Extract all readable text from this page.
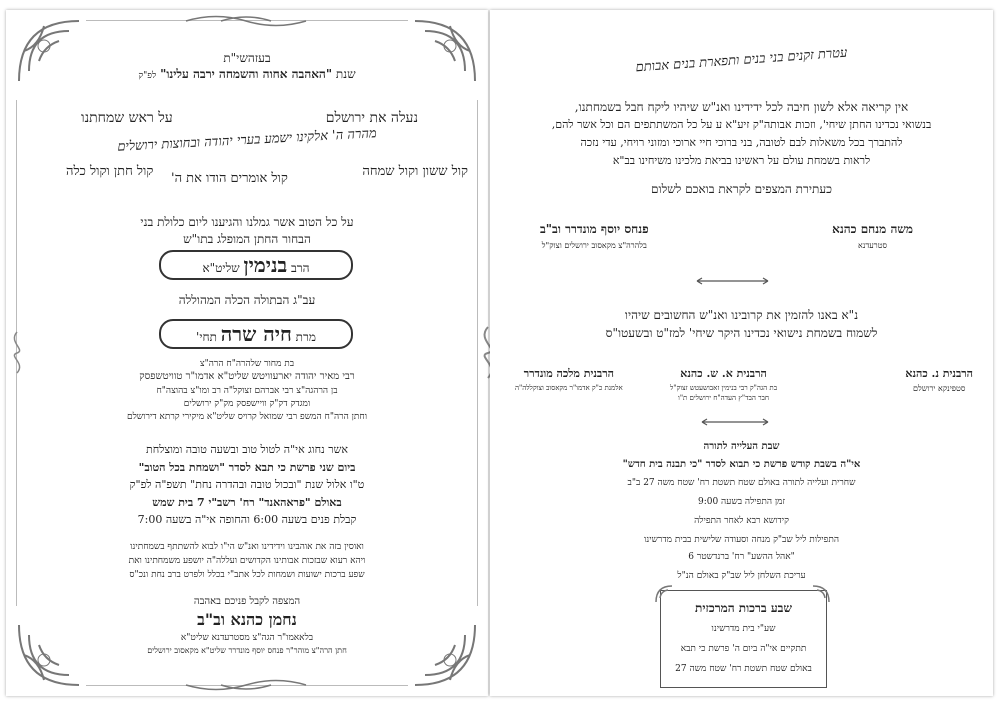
בעזהשי"ת
שנת "האהבה אחוה והשמחה ירבה עלינו" לפ"ק
נעלה את ירושלם
על ראש שמחתנו
מהרה ה' אלקינו ישמע בערי יהודה ובחוצות ירושלים
קול ששון וקול שמחה
קול אומרים הודו את ה'
קול חתן וקול כלה
על כל הטוב אשר גמלנו והגיענו ליום כלולת בני
הבחור החתן המופלג בתו"ש
הרב בנימין שליט"א
עב"ג הבתולה הכלה המהוללה
מרת חיה שרה תחי'
בת מחור שלהרה"ח הרה"צ
רבי מאיר יהודה יארעוויטש שליט"א אדמו"ר טוויטשפסק
בן הרהגה"צ רבי אברהם זצוקל"ה רב ומו"צ בהוצה"ח
ומגדק דק"ק וויישפסק מק"ק ירושלים
וחתן הרה"ח המשפ רבי שמואל קרויס שליט"א מיקירי קרתא דירושלם
אשר נחוג אי"ה לטול טוב ובשעה טובה ומוצלחת
ביום שני פרשת כי תבא לסדר "ושמחת בכל הטוב"
ט"ו אלול שנת "ובכול טובה ובהדרה נחת" תשפ"ה לפ"ק
באולם "פראהאנד" רח' רשב"י 7 בית שמש
קבלת פנים בשעה 6:00 והחופה אי"ה בשעה 7:00
ואוסין בזה את אוהבינו וידידינו ואנ"ש הי"ו לבוא להשתתף בשמחתינו
ויהא רעוא שבזכות אבותינו הקדושים ועללה"ה יושפע משמחתינו ואת
שפע ברכות ישועות ושמחות לכל אתב"י בכלל ולפרט ברב נחת ונכ"ס
המצפה לקבל פניכם באהבה
נחמן כהנא וב"ב
בלאאמו"ר הגה"צ מסטרעדנא שליט"א
חתן הרה"צ מוהר"ר פנחס יוסף מונדרר שליט"א מקאסוב ירושלים
עטרת זקנים בני בנים ותפארת בנים אבותם
אין קריאה אלא לשון חיבה לכל ידידינו ואנ"ש שיהיו ליקח חבל בשמחתנו,
בנשואי נכדינו החתן שיחי', וזכות אבותה"ק זיע"א ע על כל המשתתפים הם וכל אשר להם,
להתברך בכל משאלות לבם לטובה, בני ברוכי חיי ארוכי ומזוני רויחי, עדי נזכה
לראות בשמחת עולם על ראשינו בביאת מלכינו משיחינו בב"א
כעתירת המצפים לקראת בואכם לשלום
משה מנחם כהנא
סטרעדנא
פנחס יוסף מונדרר וב"ב
בלהרה"צ מקאסוב ירושלים וצוק"ל
נ"א באנו להזמין את קרובינו ואנ"ש החשובים שיהיו
לשמוח בשמחת נישואי נכדינו היקר שיחי' למז"ט ובשעטו"ס
הרבנית נ. כהנא
סטפינקא ירושלם
הרבנית א. ש. כהנא
בת הגה"ק רבי בנימין זאבושעטש זצוק"ל
חבר הבד"ץ העדה"ח ירושלים ת"ו
הרבנית מלכה מונדרר
אלמנת כ"ק אדמו"ר מקאסוב וצוקללה"ה
שבת העלייה לתורה
אי"ה בשבת קודש פרשת כי תבוא לסדר "כי תבנה בית חדש"
שחרית ועלייה לתורה באולם שטח תשטת רח' שטח משה 27 ב"ב
זמן התפילה בשעה 9:00
קידושא רבא לאחר התפילה
התפילות ליל שב"ק מנחה וסעודה שלישית בבית מדרשינו
"אהל ההשע" רח' ברנדשטר 6
עריכת השלחן ליל שב"ק באולם הנ"ל
שבע ברכות המרכזית
שע"י בית מדרשינו
תתקיים אי"ה ביום ה' פרשת כי תבא
באולם שטח תשטת רח' שטח משה 27
